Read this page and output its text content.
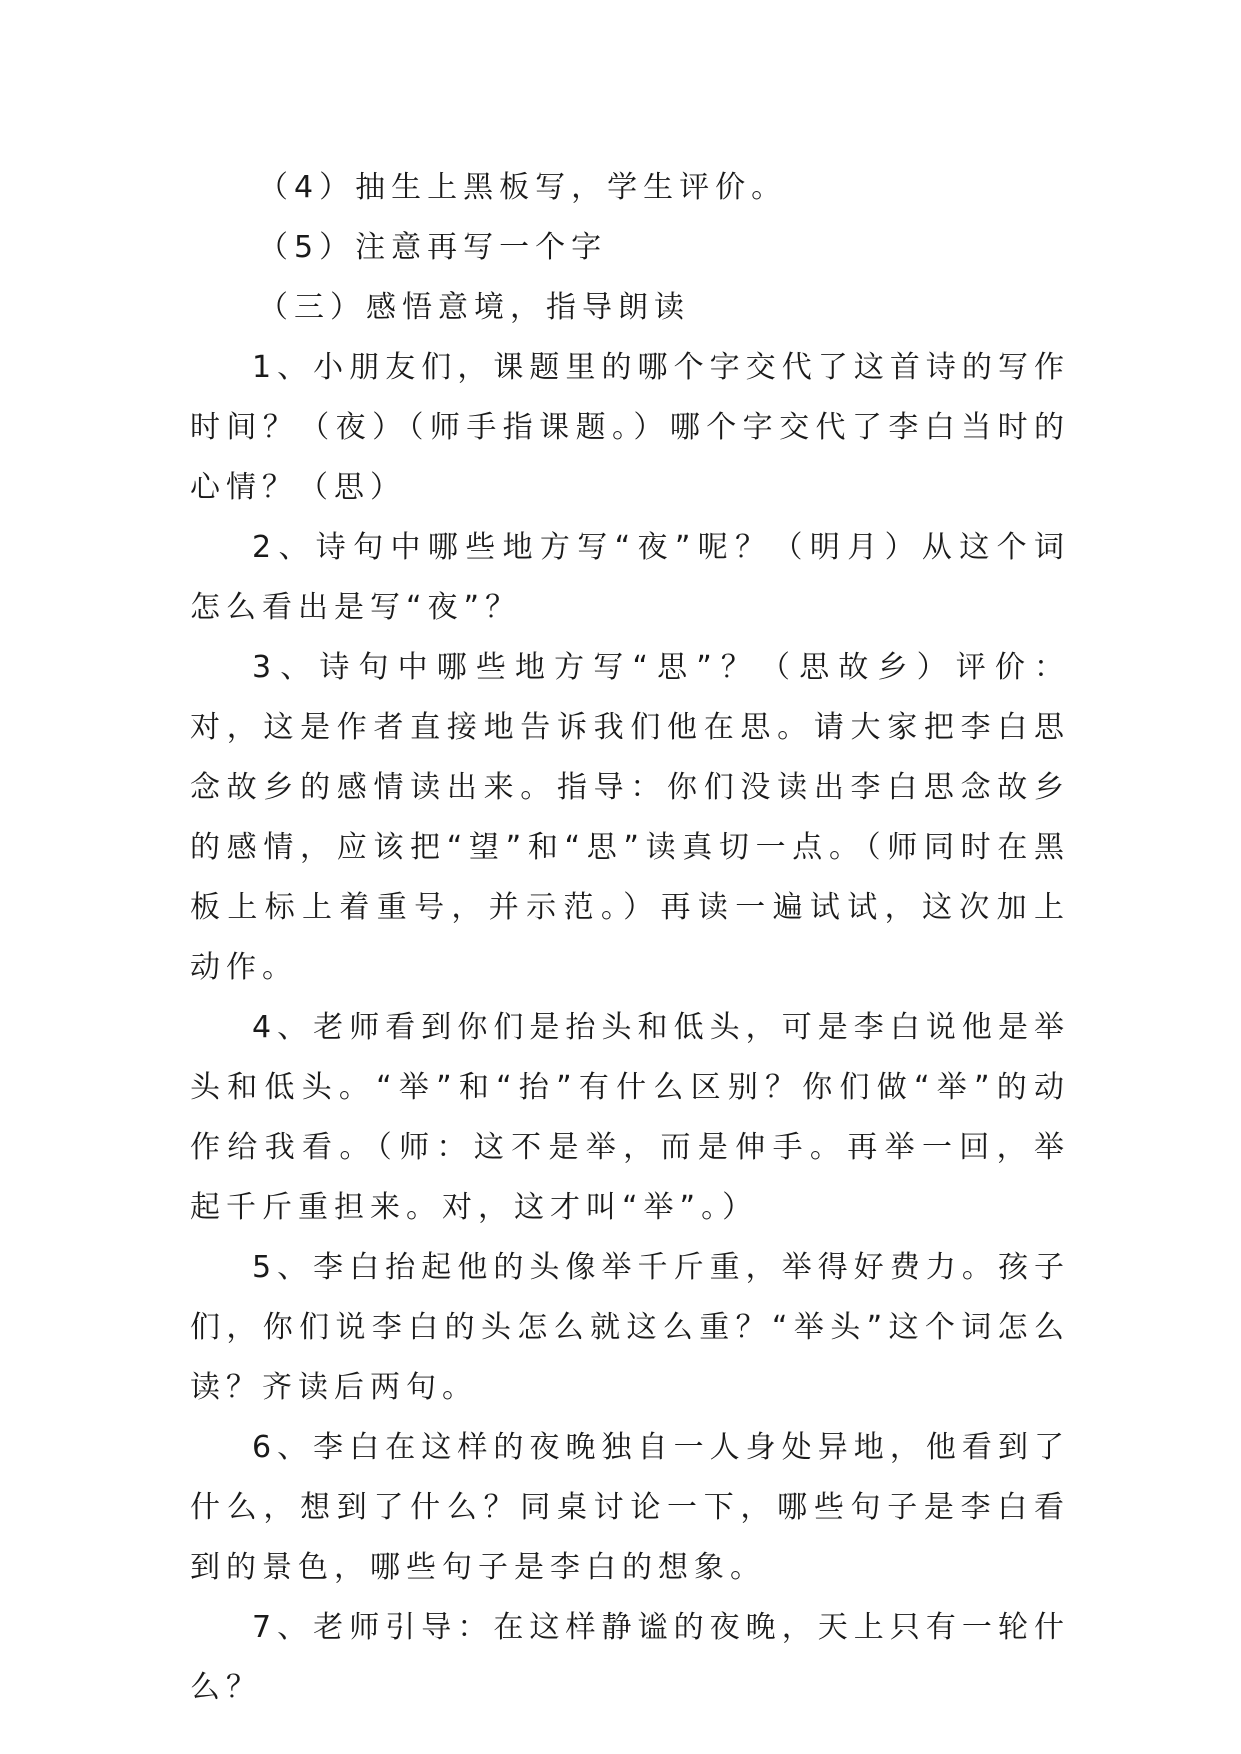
（4）抽生上黑板写，学生评价。

（5）注意再写一个字

（三）感悟意境，指导朗读

1、小朋友们，课题里的哪个字交代了这首诗的写作时间？（夜）（师手指课题。）哪个字交代了李白当时的心情？（思）

2、诗句中哪些地方写“夜”呢？（明月）从这个词怎么看出是写“夜”？

3、诗句中哪些地方写“思”？（思故乡）评价：对，这是作者直接地告诉我们他在思。请大家把李白思念故乡的感情读出来。指导：你们没读出李白思念故乡的感情，应该把“望”和“思”读真切一点。（师同时在黑板上标上着重号，并示范。）再读一遍试试，这次加上动作。

4、老师看到你们是抬头和低头，可是李白说他是举头和低头。“举”和“抬”有什么区别？你们做“举”的动作给我看。（师：这不是举，而是伸手。再举一回，举起千斤重担来。对，这才叫“举”。）

5、李白抬起他的头像举千斤重，举得好费力。孩子们，你们说李白的头怎么就这么重？“举头”这个词怎么读？齐读后两句。

6、李白在这样的夜晚独自一人身处异地，他看到了什么，想到了什么？同桌讨论一下，哪些句子是李白看到的景色，哪些句子是李白的想象。

7、老师引导：在这样静谧的夜晚，天上只有一轮什么？
